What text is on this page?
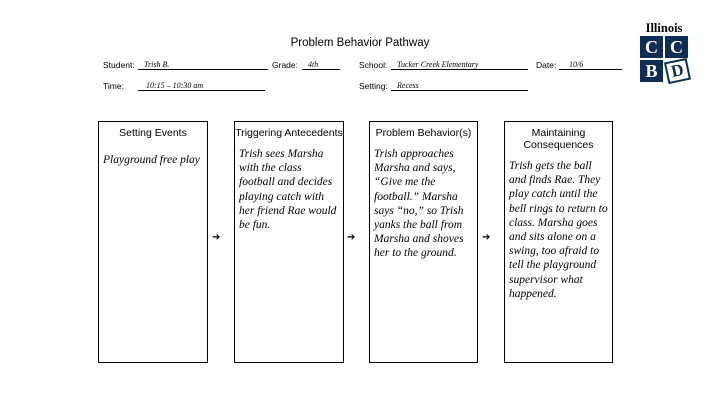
Problem Behavior Pathway
Illinois
C C
B D
Student:	Trish B.	Grade:	4th	School:	Tucker Creek Elementary	Date:	10/6
Time:	10:15 – 10:30 am	Setting:	Recess
Setting Events
Playground free play
➔
Triggering Antecedents
Trish sees Marsha with the class football and decides playing catch with her friend Rae would be fun.
➔
Problem Behavior(s)
Trish approaches Marsha and says, “Give me the football.” Marsha says “no,” so Trish yanks the ball from Marsha and shoves her to the ground.
➔
Maintaining Consequences
Trish gets the ball and finds Rae. They play catch until the bell rings to return to class. Marsha goes and sits alone on a swing, too afraid to tell the playground supervisor what happened.
